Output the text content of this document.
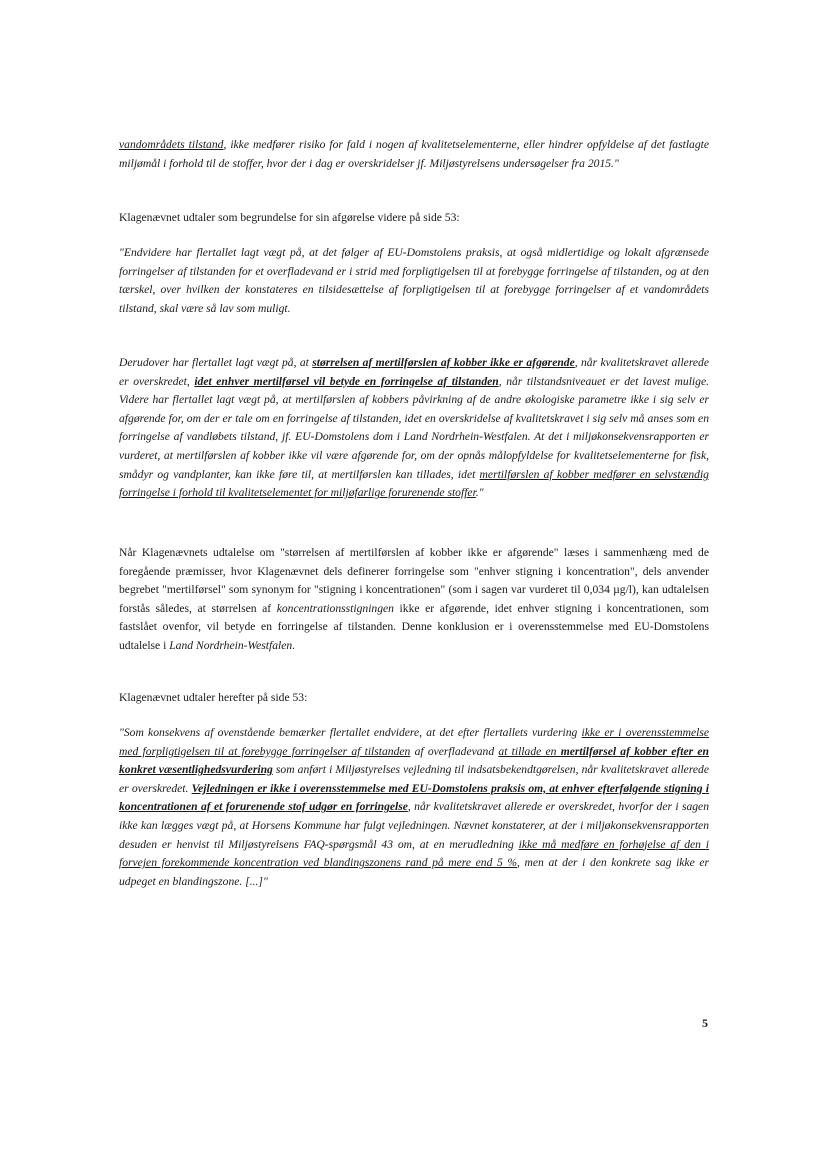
vandområdets tilstand, ikke medfører risiko for fald i nogen af kvalitetselementerne, eller hindrer opfyldelse af det fastlagte miljømål i forhold til de stoffer, hvor der i dag er overskridelser jf. Miljøstyrelsens undersøgelser fra 2015."
Klagenævnet udtaler som begrundelse for sin afgørelse videre på side 53:
"Endvidere har flertallet lagt vægt på, at det følger af EU-Domstolens praksis, at også midlertidige og lokalt afgrænsede forringelser af tilstanden for et overfladevand er i strid med forpligtigelsen til at forebygge forringelse af tilstanden, og at den tærskel, over hvilken der konstateres en tilsidesættelse af forpligtigelsen til at forebygge forringelser af et vandområdets tilstand, skal være så lav som muligt.
Derudover har flertallet lagt vægt på, at størrelsen af mertilførslen af kobber ikke er afgørende, når kvalitetskravet allerede er overskredet, idet enhver mertilførsel vil betyde en forringelse af tilstanden, når tilstandsniveauet er det lavest mulige. Videre har flertallet lagt vægt på, at mertilførslen af kobbers påvirkning af de andre økologiske parametre ikke i sig selv er afgørende for, om der er tale om en forringelse af tilstanden, idet en overskridelse af kvalitetskravet i sig selv må anses som en forringelse af vandløbets tilstand, jf. EU-Domstolens dom i Land Nordrhein-Westfalen. At det i miljøkonsekvensrapporten er vurderet, at mertilførslen af kobber ikke vil være afgørende for, om der opnås målopfyldelse for kvalitetselementerne for fisk, smådyr og vandplanter, kan ikke føre til, at mertilførslen kan tillades, idet mertilførslen af kobber medfører en selvstændig forringelse i forhold til kvalitetselementet for miljøfarlige forurenende stoffer."
Når Klagenævnets udtalelse om "størrelsen af mertilførslen af kobber ikke er afgørende" læses i sammenhæng med de foregående præmisser, hvor Klagenævnet dels definerer forringelse som "enhver stigning i koncentration", dels anvender begrebet "mertilførsel" som synonym for "stigning i koncentrationen" (som i sagen var vurderet til 0,034 µg/l), kan udtalelsen forstås således, at størrelsen af koncentrationsstigningen ikke er afgørende, idet enhver stigning i koncentrationen, som fastslået ovenfor, vil betyde en forringelse af tilstanden. Denne konklusion er i overensstemmelse med EU-Domstolens udtalelse i Land Nordrhein-Westfalen.
Klagenævnet udtaler herefter på side 53:
"Som konsekvens af ovenstående bemærker flertallet endvidere, at det efter flertallets vurdering ikke er i overensstemmelse med forpligtigelsen til at forebygge forringelser af tilstanden af overfladevand at tillade en mertilførsel af kobber efter en konkret væsentlighedsvurdering som anført i Miljøstyrelses vejledning til indsatsbekendtgørelsen, når kvalitetskravet allerede er overskredet. Vejledningen er ikke i overensstemmelse med EU-Domstolens praksis om, at enhver efterfølgende stigning i koncentrationen af et forurenende stof udgør en forringelse, når kvalitetskravet allerede er overskredet, hvorfor der i sagen ikke kan lægges vægt på, at Horsens Kommune har fulgt vejledningen. Nævnet konstaterer, at der i miljøkonsekvensrapporten desuden er henvist til Miljøstyrelsens FAQ-spørgsmål 43 om, at en merudledning ikke må medføre en forhøjelse af den i forvejen forekommende koncentration ved blandingszonens rand på mere end 5 %, men at der i den konkrete sag ikke er udpeget en blandingszone. [...]"
5
